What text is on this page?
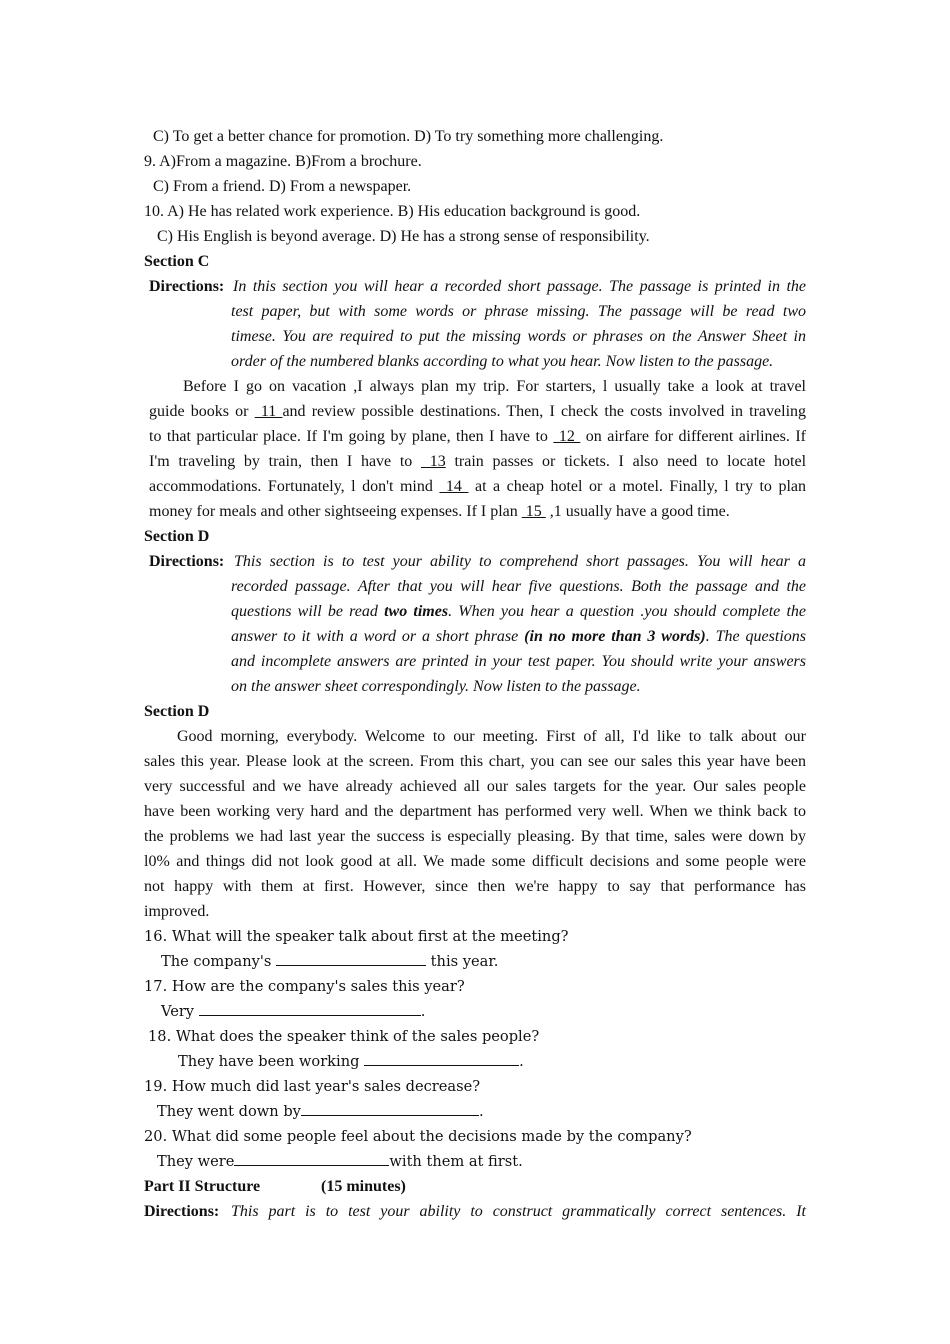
C) To get a better chance for promotion. D) To try something more challenging.
9. A)From a magazine. B)From a brochure.
C) From a friend. D) From a newspaper.
10. A) He has related work experience. B) His education background is good.
C) His English is beyond average. D) He has a strong sense of responsibility.
Section C
Directions: In this section you will hear a recorded short passage. The passage is printed in the
test paper, but with some words or phrase missing. The passage will be read two
timese. You are required to put the missing words or phrases on the Answer Sheet in
order of the numbered blanks according to what you hear. Now listen to the passage.
Before I go on vacation ,I always plan my trip. For starters, l usually take a look at travel
guide books or  11 and review possible destinations. Then, I check the costs involved in traveling
to that particular place. If I'm going by plane, then I have to  12  on airfare for different airlines. If
I'm traveling by train, then I have to  13 train passes or tickets. I also need to locate hotel
accommodations. Fortunately, l don't mind  14  at a cheap hotel or a motel. Finally, l try to plan
money for meals and other sightseeing expenses. If I plan  15  ,1 usually have a good time.
Section D
Directions: This section is to test your ability to comprehend short passages. You will hear a
recorded passage. After that you will hear five questions. Both the passage and the
questions will be read two times. When you hear a question .you should complete the
answer to it with a word or a short phrase (in no more than 3 words). The questions
and incomplete answers are printed in your test paper. You should write your answers
on the answer sheet correspondingly. Now listen to the passage.
Section D
Good morning, everybody. Welcome to our meeting. First of all, I'd like to talk about our
sales this year. Please look at the screen. From this chart, you can see our sales this year have been
very successful and we have already achieved all our sales targets for the year. Our sales people
have been working very hard and the department has performed very well. When we think back to
the problems we had last year the success is especially pleasing. By that time, sales were down by
l0% and things did not look good at all. We made some difficult decisions and some people were
not happy with them at first. However, since then we're happy to say that performance has
improved.
16. What will the speaker talk about first at the meeting?
The company's	this year.
17. How are the company's sales this year?
Very	.
18. What does the speaker think of the sales people?
They have been working	.
19. How much did last year's sales decrease?
They went down by	.
20. What did some people feel about the decisions made by the company?
They were	with them at first.
Part II Structure	(15 minutes)
Directions: This part is to test your ability to construct grammatically correct sentences. It
